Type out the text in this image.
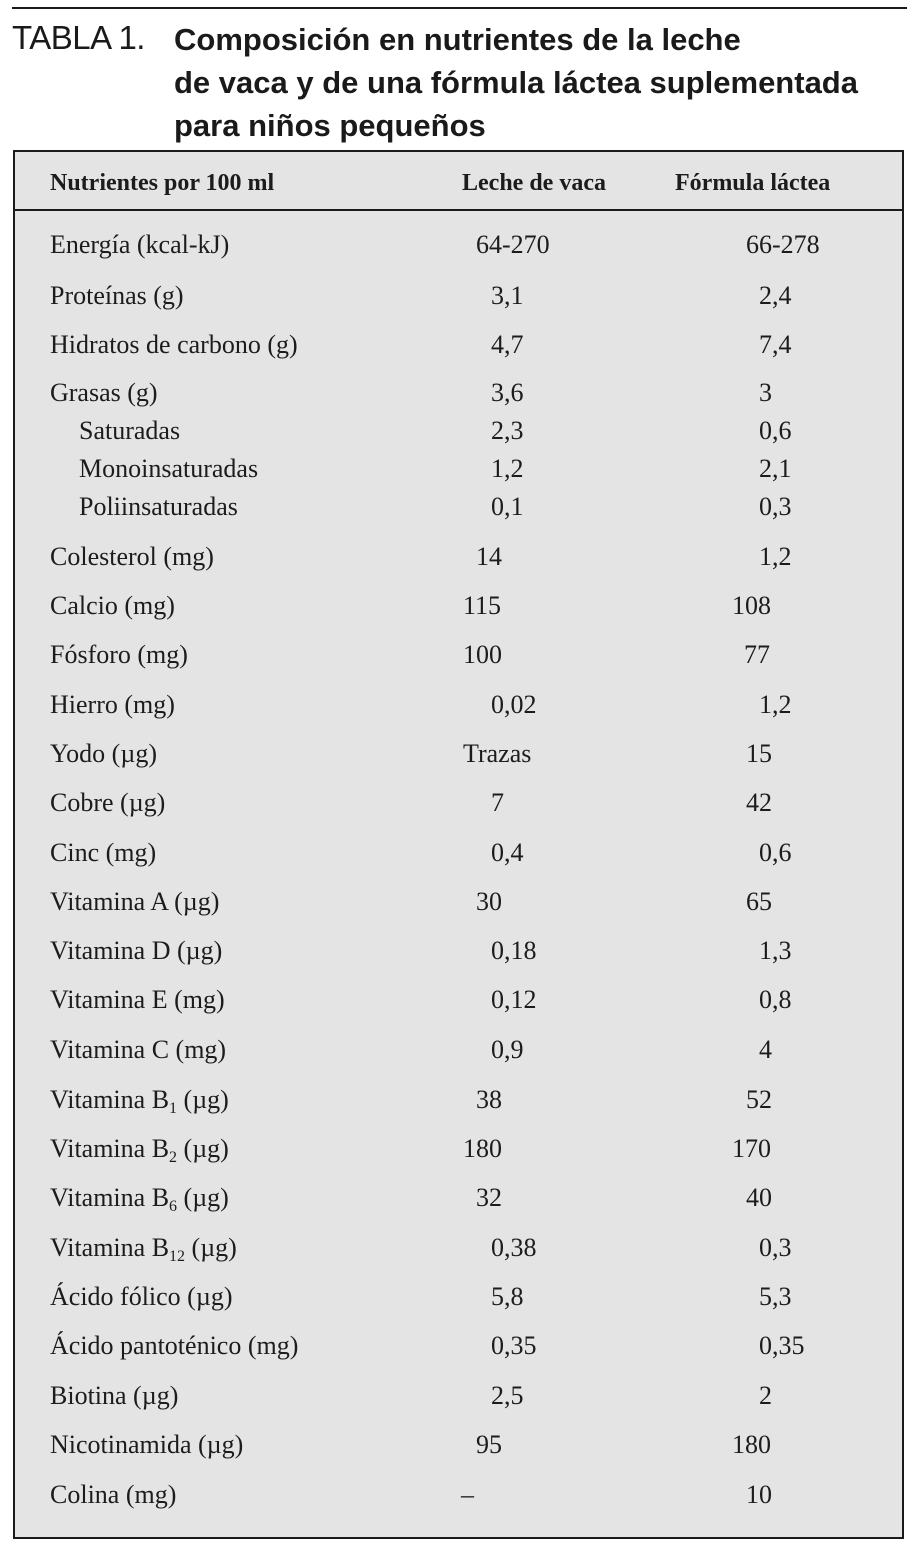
TABLA 1. Composición en nutrientes de la leche
de vaca y de una fórmula láctea suplementada
para niños pequeños
Nutrientes por 100 ml	Leche de vaca	Fórmula láctea
Energía (kcal-kJ)	64-270	66-278
Proteínas (g)	3,1	2,4
Hidratos de carbono (g)	4,7	7,4
Grasas (g)	3,6	3
Saturadas	2,3	0,6
Monoinsaturadas	1,2	2,1
Poliinsaturadas	0,1	0,3
Colesterol (mg)	14	1,2
Calcio (mg)	115	108
Fósforo (mg)	100	77
Hierro (mg)	0,02	1,2
Yodo (µg)	Trazas	15
Cobre (µg)	7	42
Cinc (mg)	0,4	0,6
Vitamina A (µg)	30	65
Vitamina D (µg)	0,18	1,3
Vitamina E (mg)	0,12	0,8
Vitamina C (mg)	0,9	4
Vitamina $B_1$ (µg)	38	52
Vitamina $B_2$ (µg)	180	170
Vitamina $B_6$ (µg)	32	40
Vitamina $B_{12}$ (µg)	0,38	0,3
Ácido fólico (µg)	5,8	5,3
Ácido pantoténico (mg)	0,35	0,35
Biotina (µg)	2,5	2
Nicotinamida (µg)	95	180
Colina (mg)	–	10
